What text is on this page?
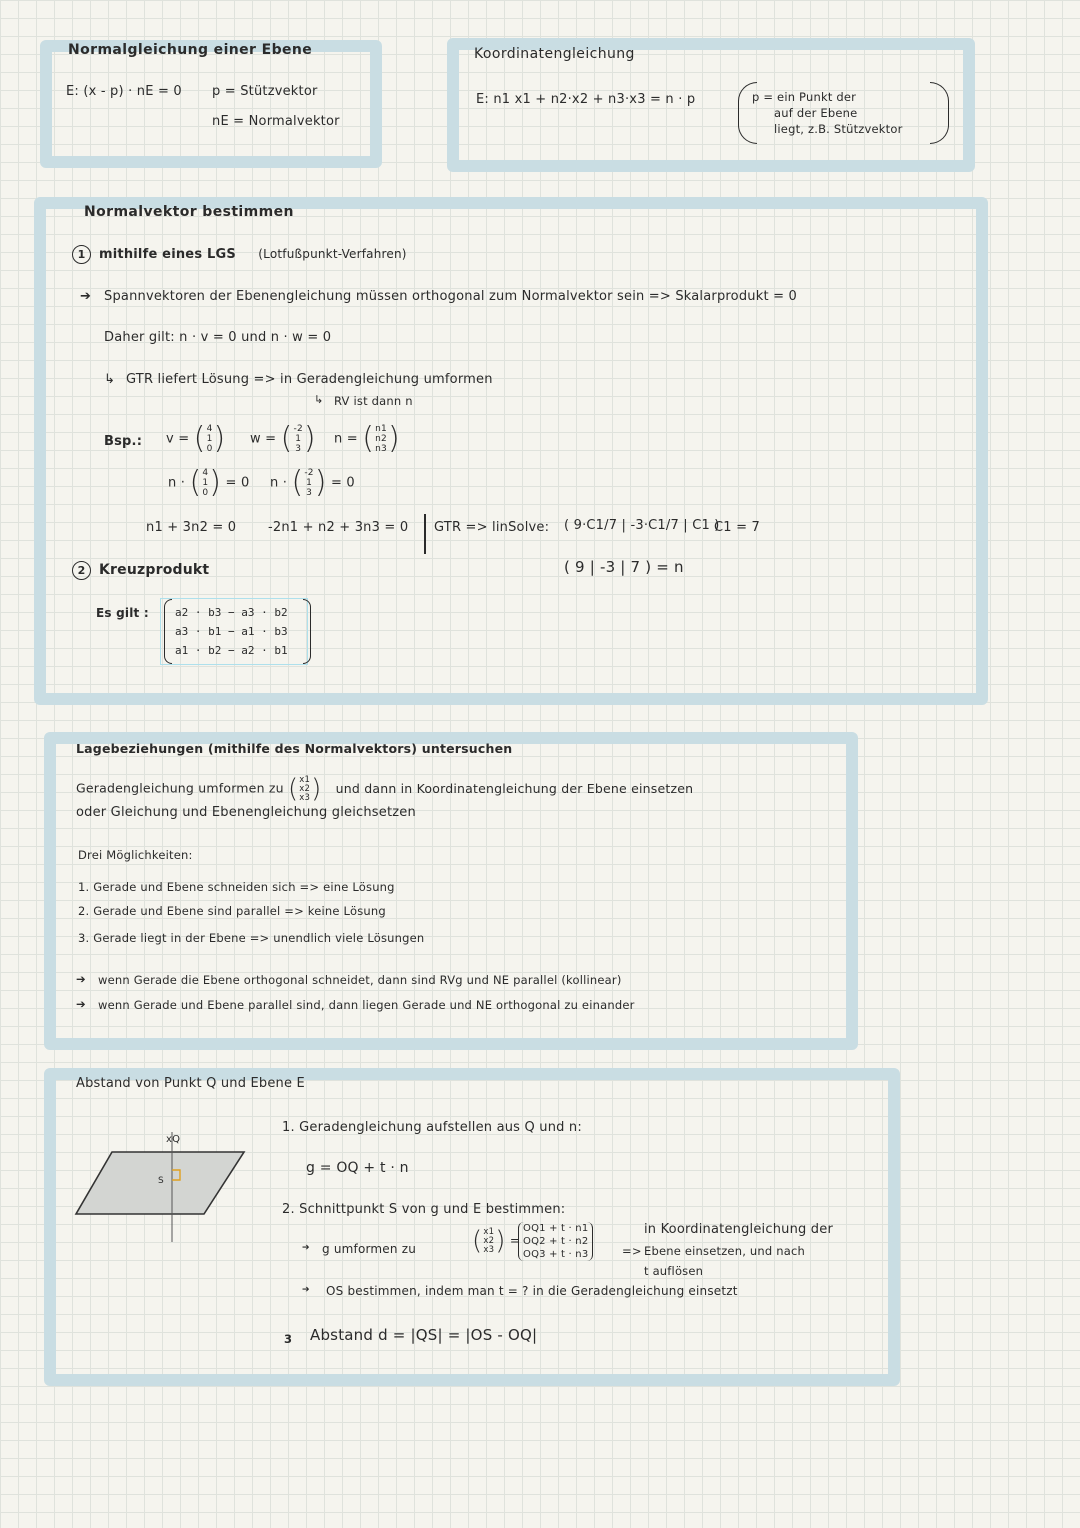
Normalgleichung einer Ebene
E: (x - p) · nE = 0 p = Stützvektor
nE = Normalvektor
Koordinatengleichung
E: n1 x1 + n2·x2 + n3·x3 = n · p	p = ein Punkt der
auf der Ebene
liegt, z.B. Stützvektor
Normalvektor bestimmen
1 mithilfe eines LGS (Lotfußpunkt-Verfahren)
➔ Spannvektoren der Ebenengleichung müssen orthogonal zum Normalvektor sein => Skalarprodukt = 0
Daher gilt: n · v = 0 und n · w = 0
↳ GTR liefert Lösung => in Geradengleichung umformen
↳ RV ist dann n
Bsp.: v = ( 4
1
0 ) w = ( -2
1
3 ) n = ( n1
n2
n3 )
n · ( 4
1
0 ) = 0 n · ( -2
1
3 ) = 0
n1 + 3n2 = 0 -2n1 + n2 + 3n3 = 0 GTR => linSolve: ( 9·C1/7 | -3·C1/7 | C1 )
C1 = 7
( 9 | -3 | 7 ) = n
2 Kreuzprodukt
Es gilt : a2 · b3 − a3 · b2
a3 · b1 − a1 · b3
a1 · b2 − a2 · b1
Lagebeziehungen (mithilfe des Normalvektors) untersuchen
Geradengleichung umformen zu ( x1
x2
x3 ) und dann in Koordinatengleichung der Ebene einsetzen
oder Gleichung und Ebenengleichung gleichsetzen
Drei Möglichkeiten:
1. Gerade und Ebene schneiden sich => eine Lösung
2. Gerade und Ebene sind parallel => keine Lösung
3. Gerade liegt in der Ebene => unendlich viele Lösungen
➔ wenn Gerade die Ebene orthogonal schneidet, dann sind RVg und NE parallel (kollinear)
➔ wenn Gerade und Ebene parallel sind, dann liegen Gerade und NE orthogonal zu einander
Abstand von Punkt Q und Ebene E
xQ
S
1. Geradengleichung aufstellen aus Q und n:
g = OQ + t · n
2. Schnittpunkt S von g und E bestimmen:
➔ g umformen zu ( x1
x2
x3 ) =
OQ1 + t · n1
OQ2 + t · n2
OQ3 + t · n3	=>
in Koordinatengleichung der
Ebene einsetzen, und nach
t auflösen
➔ OS bestimmen, indem man t = ? in die Geradengleichung einsetzt
3 Abstand d = |QS| = |OS - OQ|
